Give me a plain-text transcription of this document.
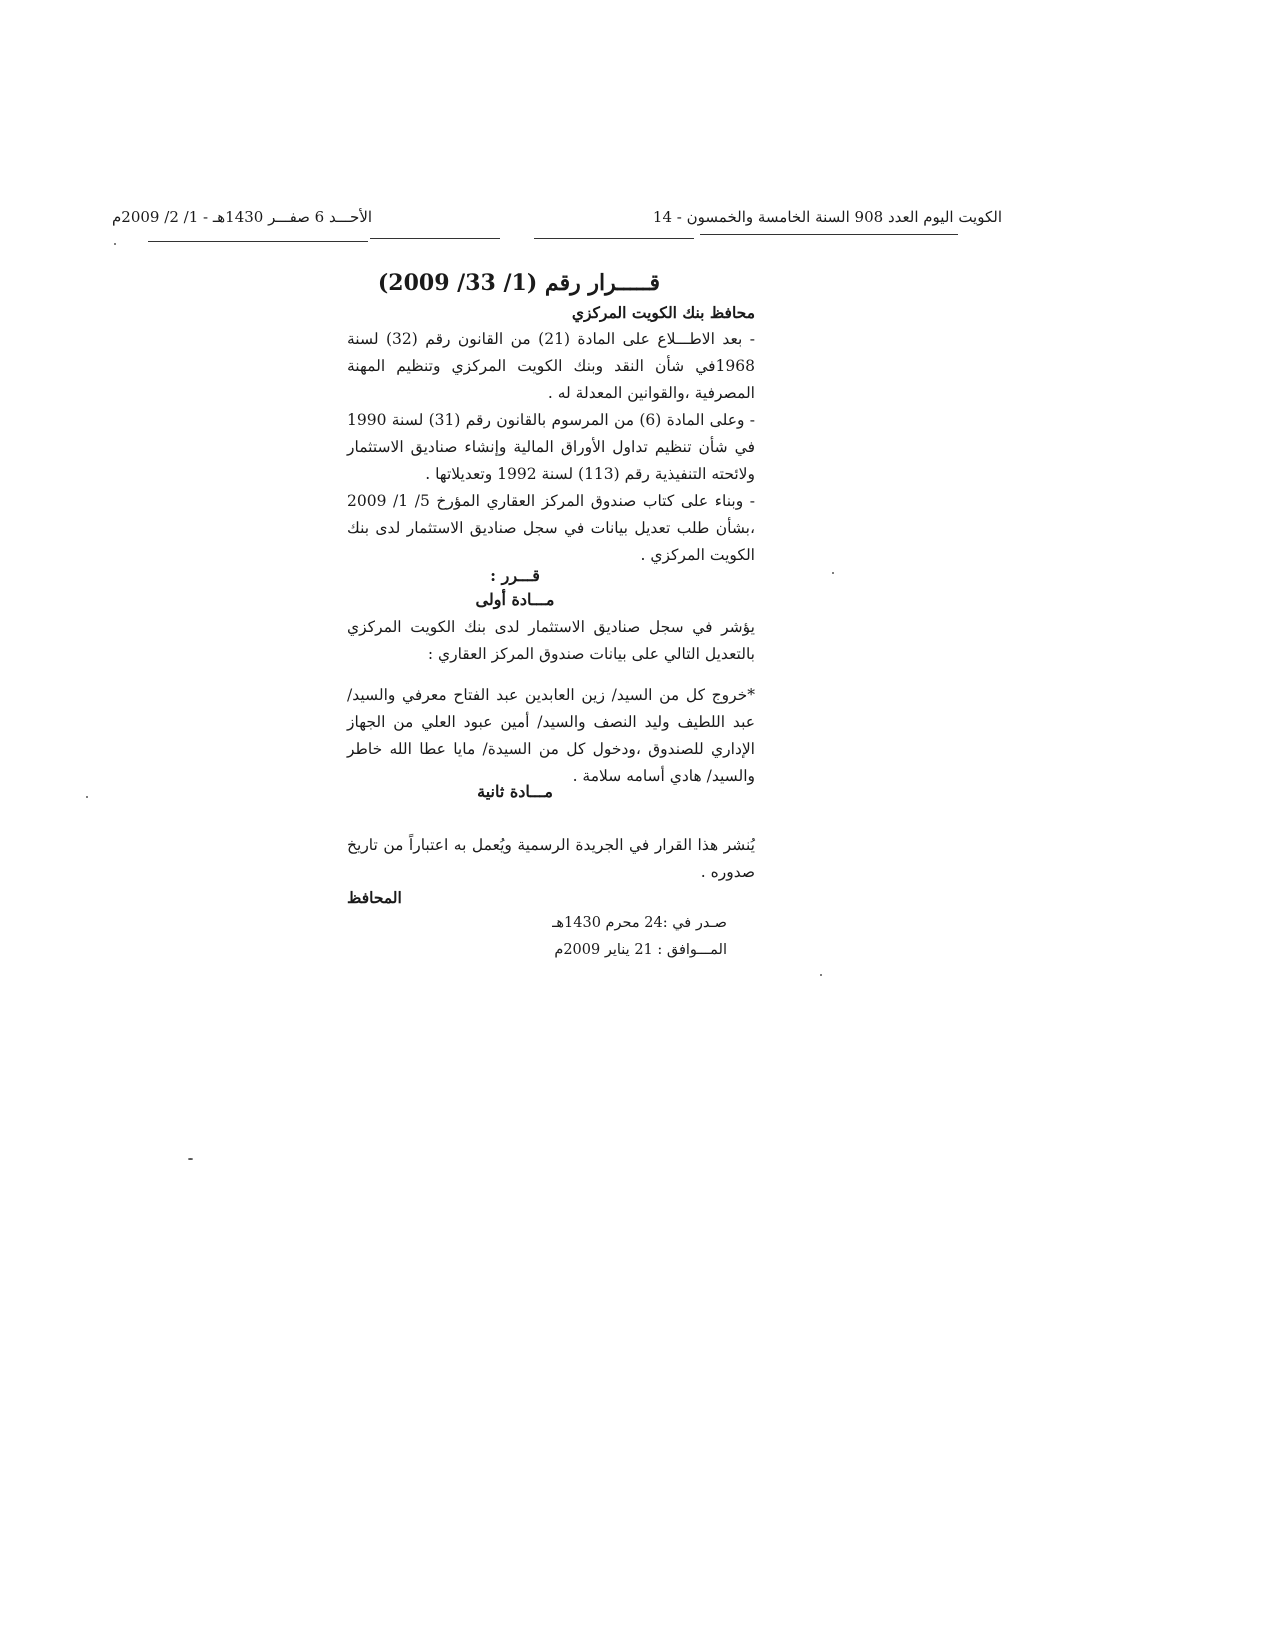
الكويت اليوم العدد 908 السنة الخامسة والخمسون - 14
الأحـــد 6 صفـــر 1430هـ - 1/ 2/ 2009م
قـــــرار رقم (1/ 33/ 2009)

محافظ بنك الكويت المركزي

- بعد الاطـــلاع على المادة (21) من القانون رقم (32) لسنة 1968في شأن النقد وبنك الكويت المركزي وتنظيم المهنة المصرفية ،والقوانين المعدلة له .

- وعلى المادة (6) من المرسوم بالقانون رقم (31) لسنة 1990 في شأن تنظيم تداول الأوراق المالية وإنشاء صناديق الاستثمار ولائحته التنفيذية رقم (113) لسنة 1992 وتعديلاتها .

- وبناء على كتاب صندوق المركز العقاري المؤرخ 5/ 1/ 2009 ،بشأن طلب تعديل بيانات في سجل صناديق الاستثمار لدى بنك الكويت المركزي .

قـــرر :
مـــادة أولى

يؤشر في سجل صناديق الاستثمار لدى بنك الكويت المركزي بالتعديل التالي على بيانات صندوق المركز العقاري :

*خروج كل من السيد/ زين العابدين عبد الفتاح معرفي والسيد/ عبد اللطيف وليد النصف والسيد/ أمين عبود العلي من الجهاز الإداري للصندوق ،ودخول كل من السيدة/ مايا عطا الله خاطر والسيد/ هادي أسامه سلامة .

مـــادة ثانية

يُنشر هذا القرار في الجريدة الرسمية ويُعمل به اعتباراً من تاريخ صدوره .

المحافظ

صـدر في :24 محرم 1430هـ

المـــوافق : 21 يناير 2009م
